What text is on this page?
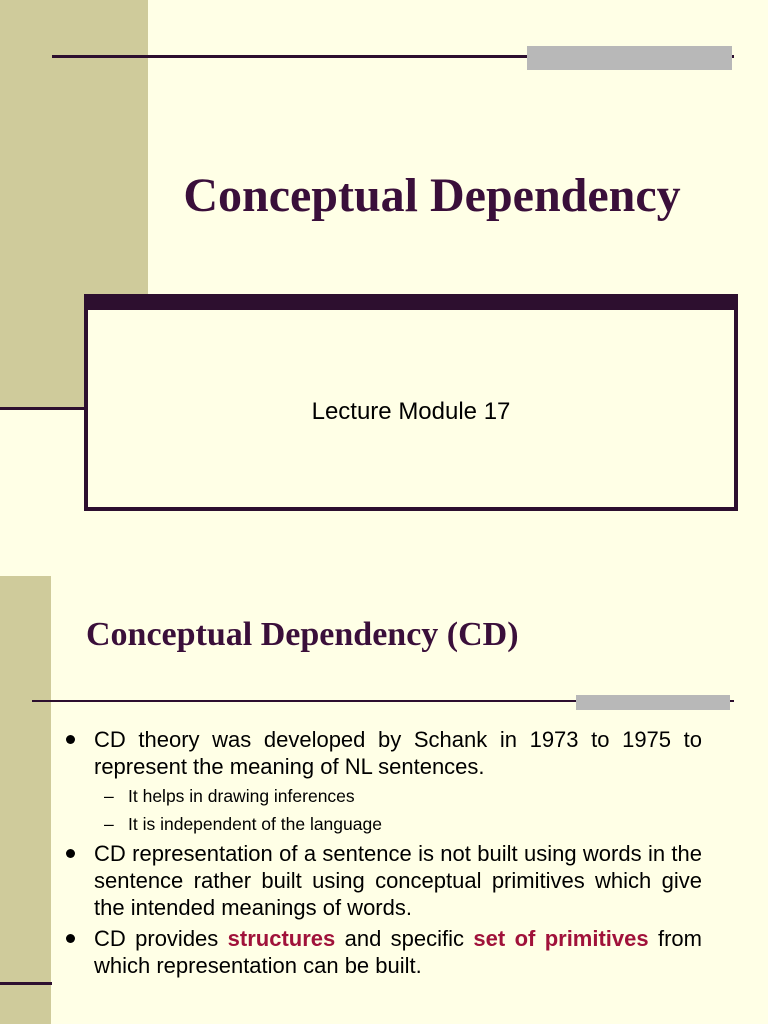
Conceptual Dependency
Lecture Module 17
Conceptual Dependency (CD)
CD theory was developed by Schank in 1973 to 1975 to represent the meaning of NL sentences.
– It helps in drawing inferences
– It is independent of the language
CD representation of a sentence is not built using words in the sentence rather built using conceptual primitives which give the intended meanings of words.
CD provides structures and specific set of primitives from which representation can be built.
